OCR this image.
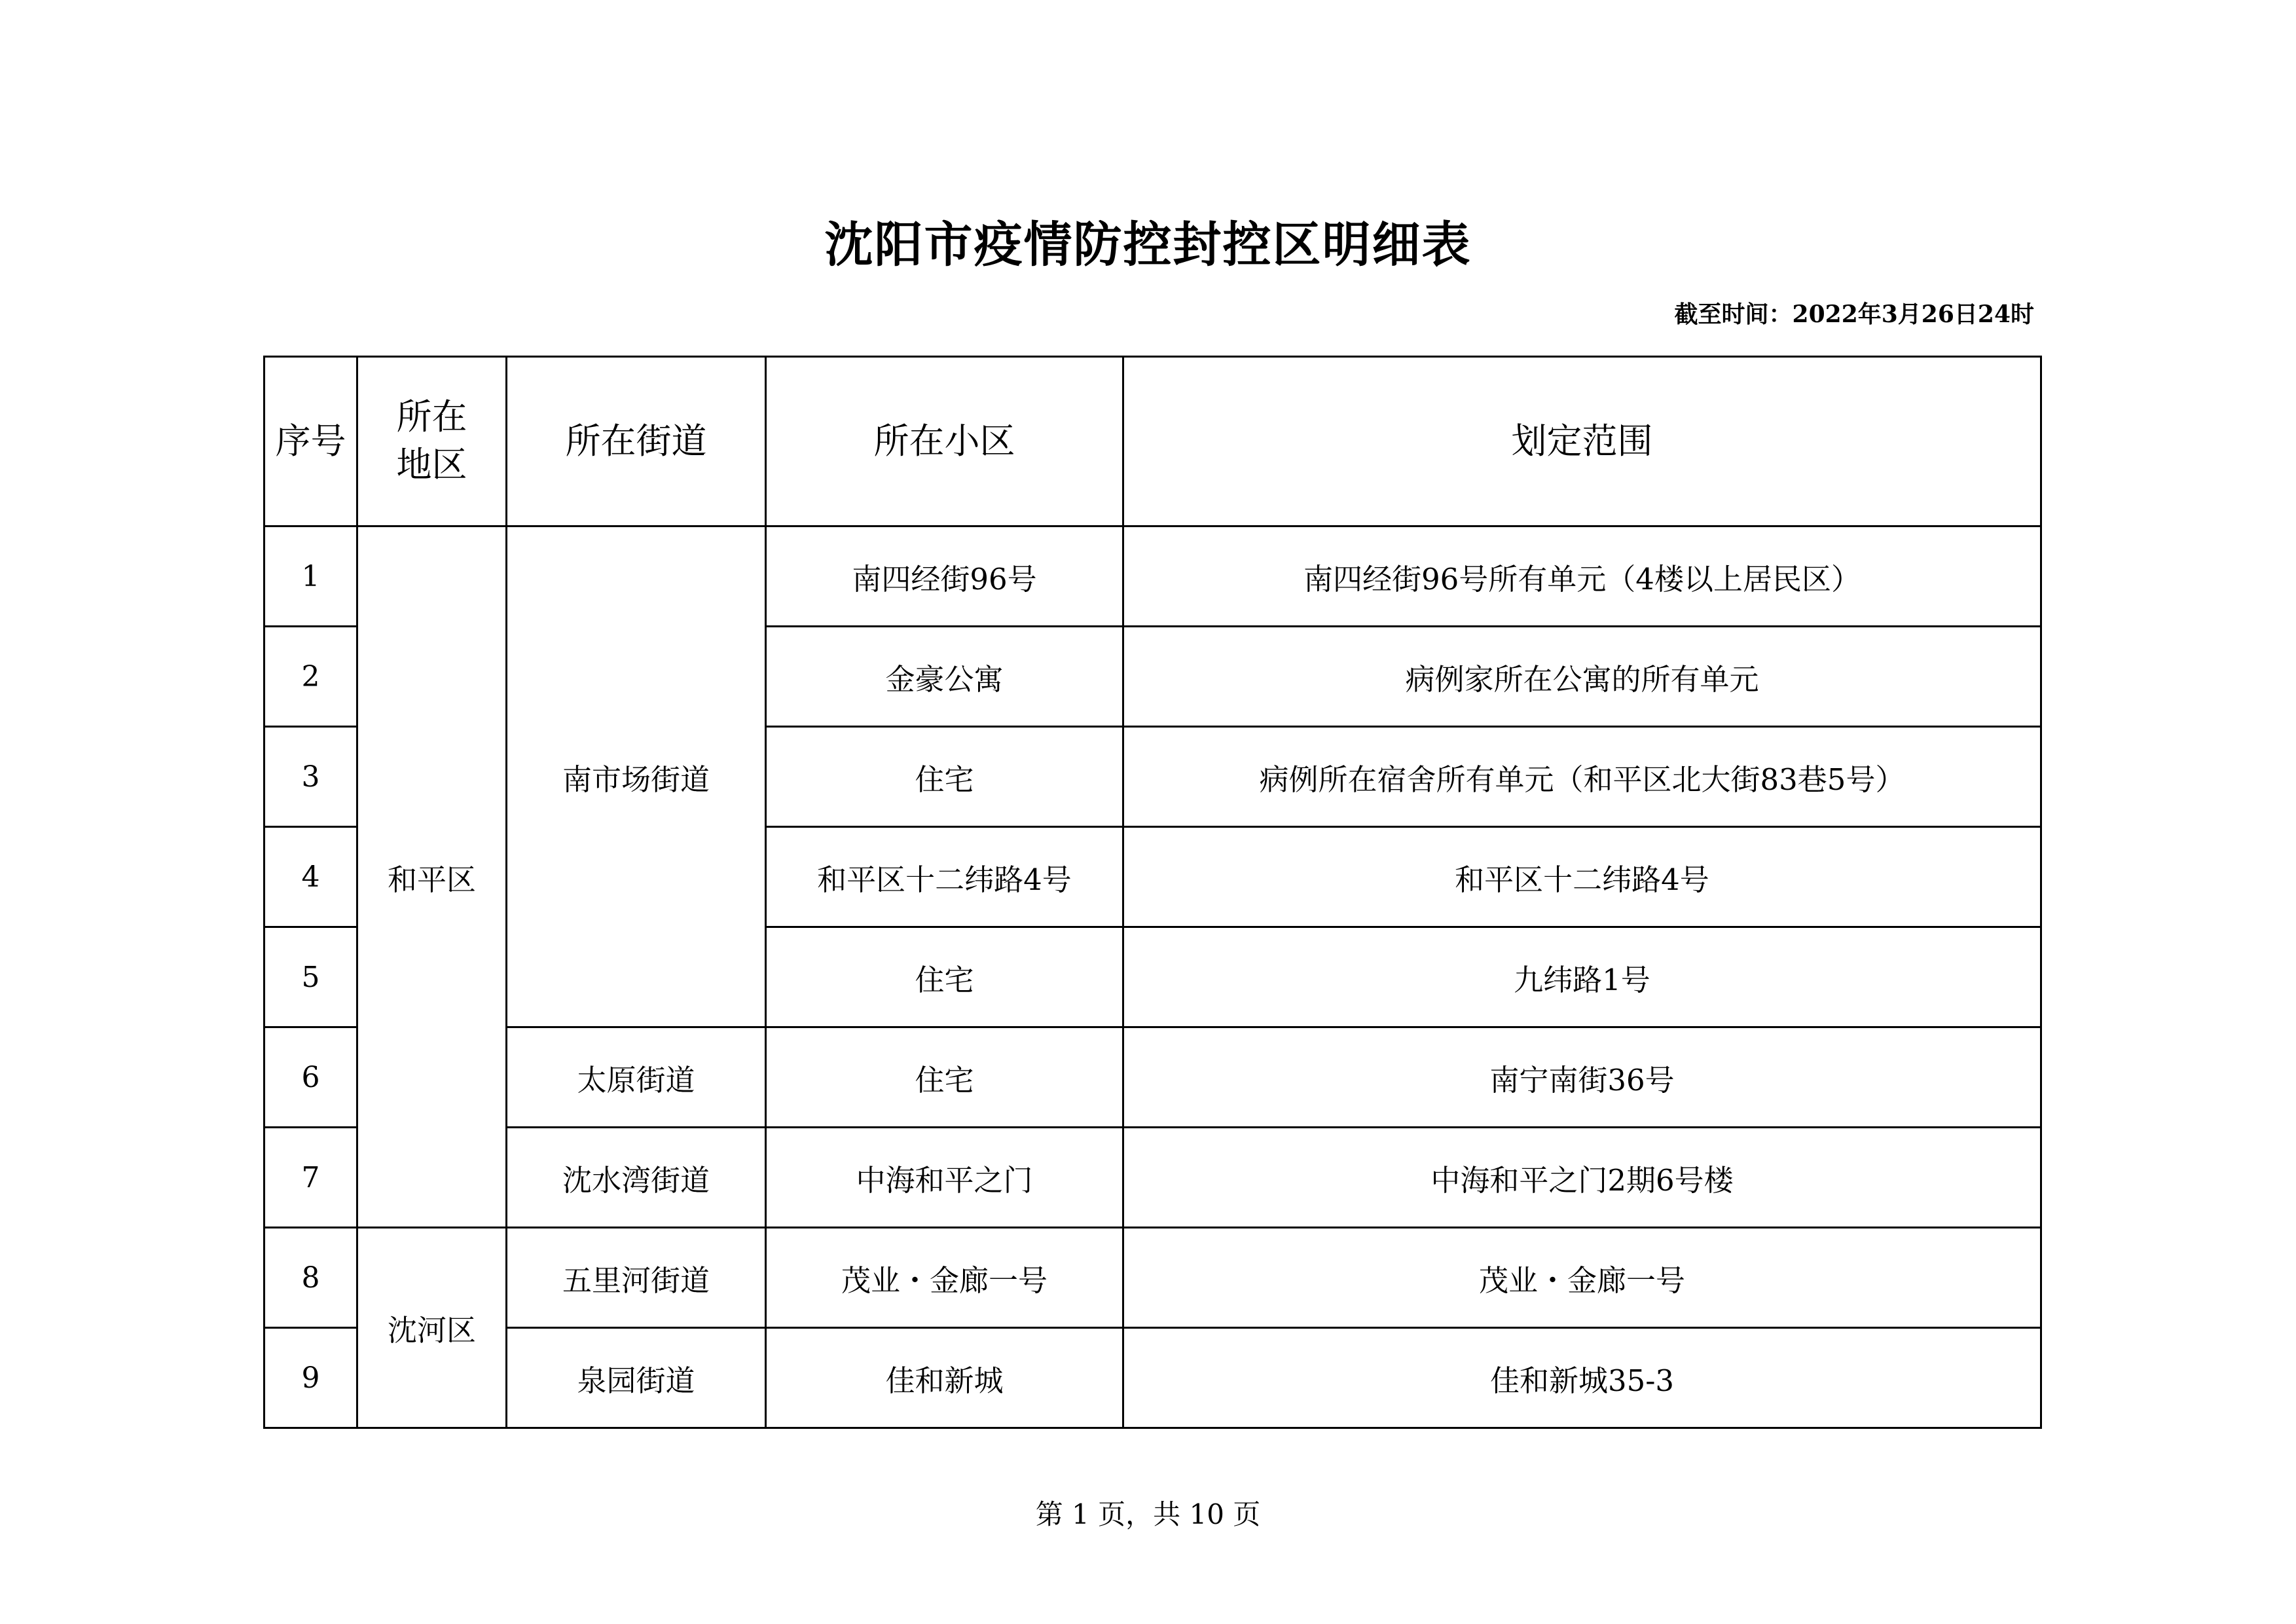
沈阳市疫情防控封控区明细表
截至时间：2022年3月26日24时
序号	所在地区	所在街道	所在小区	划定范围
1	和平区	南市场街道	南四经街96号	南四经街96号所有单元（4楼以上居民区）
2			金豪公寓	病例家所在公寓的所有单元
3			住宅	病例所在宿舍所有单元（和平区北大街83巷5号）
4			和平区十二纬路4号	和平区十二纬路4号
5			住宅	九纬路1号
6		太原街道	住宅	南宁南街36号
7		沈水湾街道	中海和平之门	中海和平之门2期6号楼
8	沈河区	五里河街道	茂业・金廊一号	茂业・金廊一号
9		泉园街道	佳和新城	佳和新城35-3
第 1 页，共 10 页
